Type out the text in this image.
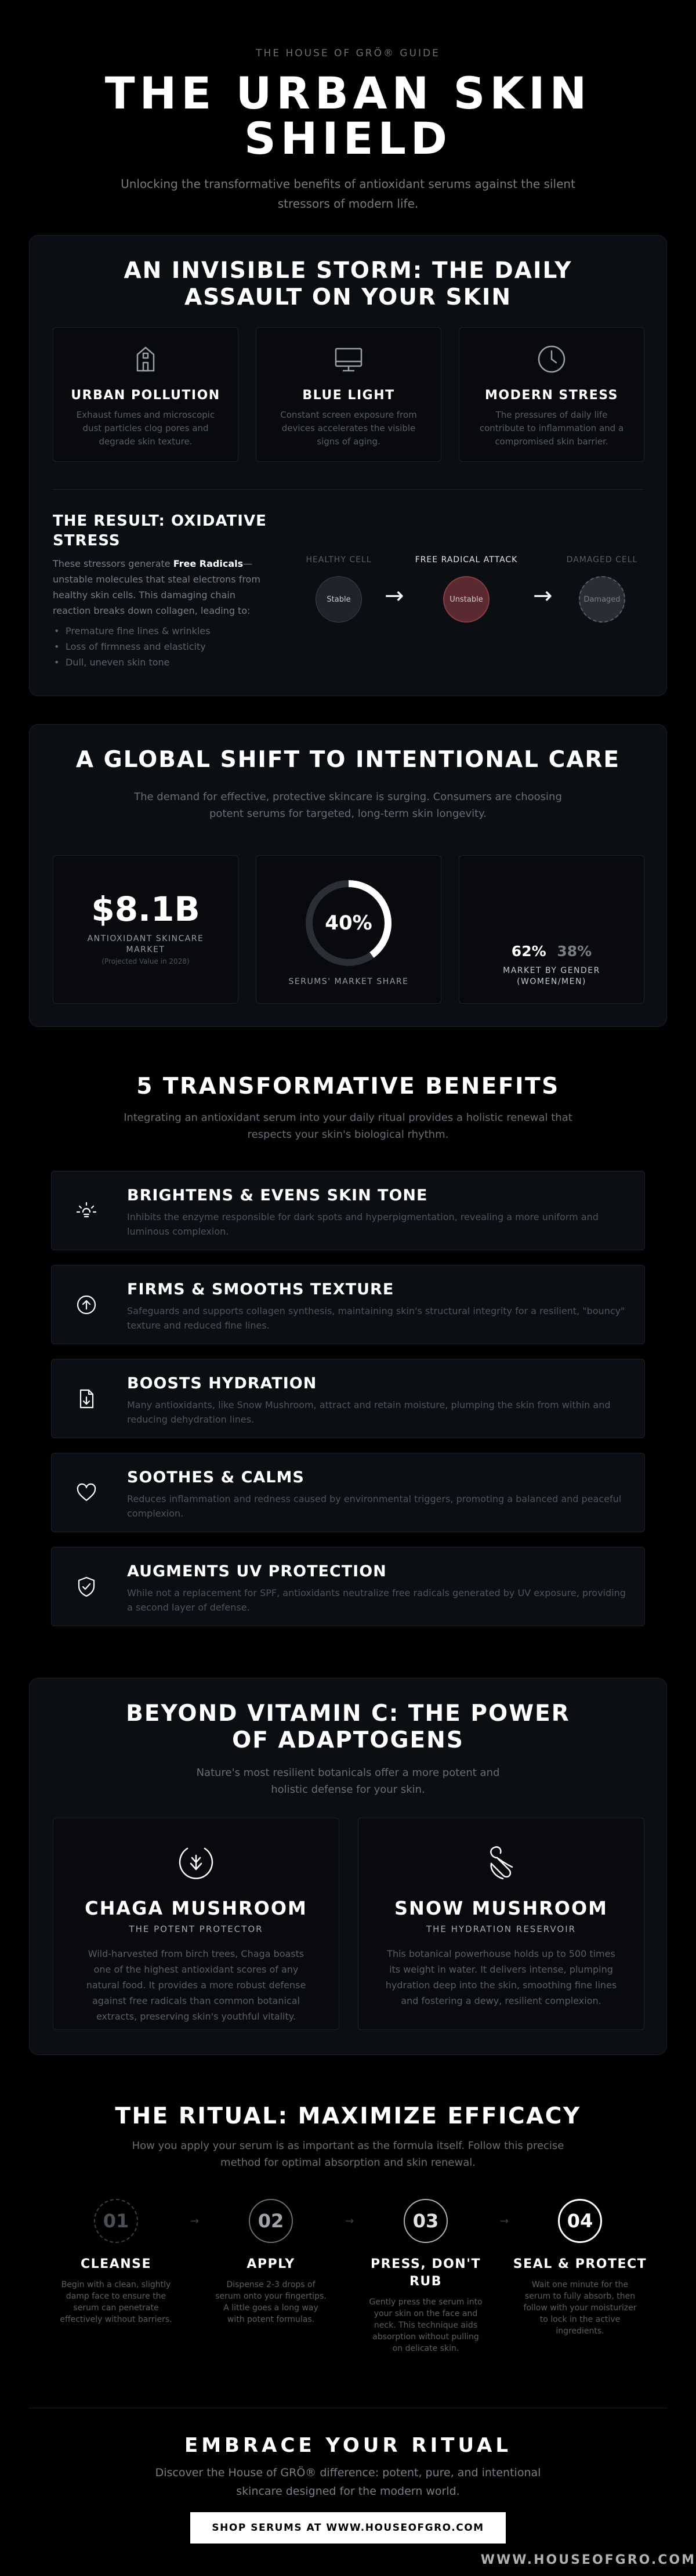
THE HOUSE OF GRÖ® GUIDE
THE URBAN SKIN SHIELD
Unlocking the transformative benefits of antioxidant serums against the silent stressors of modern life.
AN INVISIBLE STORM: THE DAILY ASSAULT ON YOUR SKIN
URBAN POLLUTION
Exhaust fumes and microscopic dust particles clog pores and degrade skin texture.
BLUE LIGHT
Constant screen exposure from devices accelerates the visible signs of aging.
MODERN STRESS
The pressures of daily life contribute to inflammation and a compromised skin barrier.
THE RESULT: OXIDATIVE STRESS
These stressors generate Free Radicals—unstable molecules that steal electrons from healthy skin cells. This damaging chain reaction breaks down collagen, leading to:
• Premature fine lines & wrinkles
• Loss of firmness and elasticity
• Dull, uneven skin tone
HEALTHY CELL	FREE RADICAL ATTACK	DAMAGED CELL
Stable	→	Unstable →	Damaged
A GLOBAL SHIFT TO INTENTIONAL CARE
The demand for effective, protective skincare is surging. Consumers are choosing potent serums for targeted, long-term skin longevity.
$8.1B
ANTIOXIDANT SKINCARE MARKET
(Projected Value in 2028)
40%
SERUMS' MARKET SHARE
62% 38%
MARKET BY GENDER (WOMEN/MEN)
5 TRANSFORMATIVE BENEFITS
Integrating an antioxidant serum into your daily ritual provides a holistic renewal that respects your skin's biological rhythm.
BRIGHTENS & EVENS SKIN TONE
Inhibits the enzyme responsible for dark spots and hyperpigmentation, revealing a more uniform and luminous complexion.
FIRMS & SMOOTHS TEXTURE
Safeguards and supports collagen synthesis, maintaining skin's structural integrity for a resilient, "bouncy" texture and reduced fine lines.
BOOSTS HYDRATION
Many antioxidants, like Snow Mushroom, attract and retain moisture, plumping the skin from within and reducing dehydration lines.
SOOTHES & CALMS
Reduces inflammation and redness caused by environmental triggers, promoting a balanced and peaceful complexion.
AUGMENTS UV PROTECTION
While not a replacement for SPF, antioxidants neutralize free radicals generated by UV exposure, providing a second layer of defense.
BEYOND VITAMIN C: THE POWER OF ADAPTOGENS
Nature's most resilient botanicals offer a more potent and holistic defense for your skin.
CHAGA MUSHROOM
THE POTENT PROTECTOR
Wild-harvested from birch trees, Chaga boasts one of the highest antioxidant scores of any natural food. It provides a more robust defense against free radicals than common botanical extracts, preserving skin's youthful vitality.
SNOW MUSHROOM
THE HYDRATION RESERVOIR
This botanical powerhouse holds up to 500 times its weight in water. It delivers intense, plumping hydration deep into the skin, smoothing fine lines and fostering a dewy, resilient complexion.
THE RITUAL: MAXIMIZE EFFICACY
How you apply your serum is as important as the formula itself. Follow this precise method for optimal absorption and skin renewal.
01
CLEANSE
Begin with a clean, slightly damp face to ensure the serum can penetrate effectively without barriers.
→	02
APPLY
Dispense 2-3 drops of serum onto your fingertips. A little goes a long way with potent formulas.
→	03
PRESS, DON'T RUB
Gently press the serum into your skin on the face and neck. This technique aids absorption without pulling on delicate skin.
→	04
SEAL & PROTECT
Wait one minute for the serum to fully absorb, then follow with your moisturizer to lock in the active ingredients.
EMBRACE YOUR RITUAL
Discover the House of GRÖ® difference: potent, pure, and intentional skincare designed for the modern world.
SHOP SERUMS AT WWW.HOUSEOFGRO.COM
WWW.HOUSEOFGRO.COM
